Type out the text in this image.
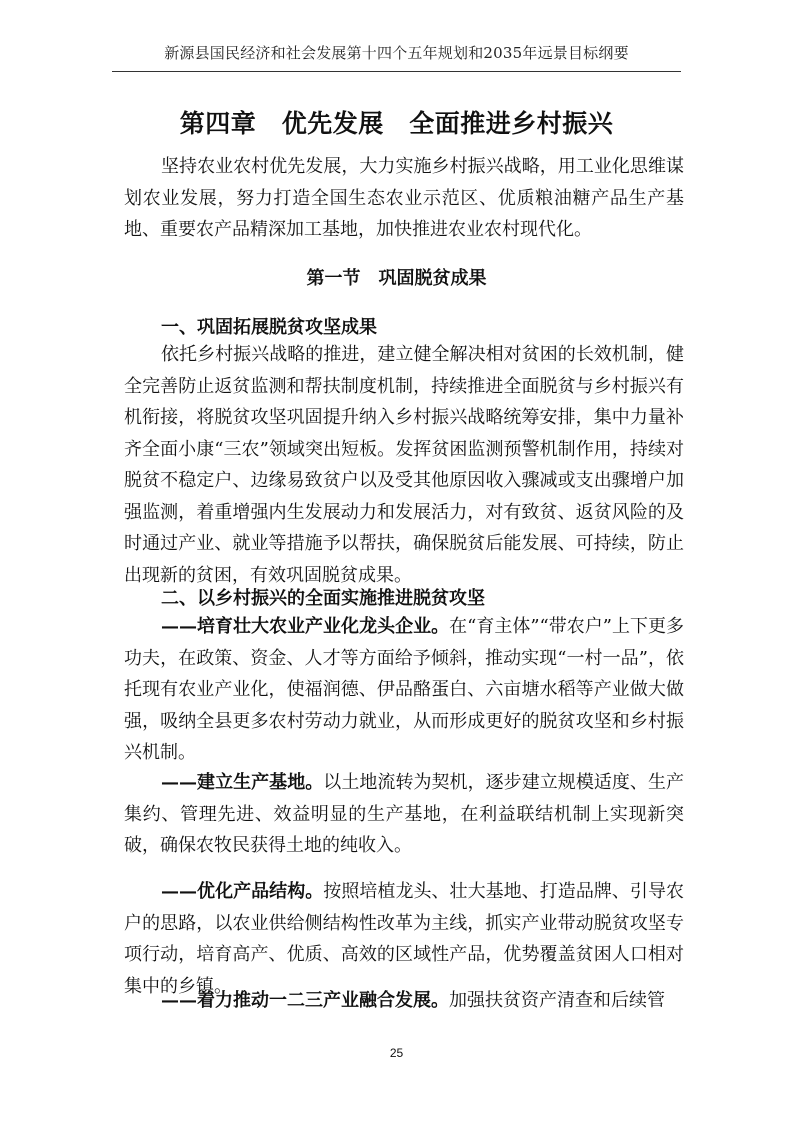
新源县国民经济和社会发展第十四个五年规划和2035年远景目标纲要
第四章　优先发展　全面推进乡村振兴

坚持农业农村优先发展，大力实施乡村振兴战略，用工业化思维谋划农业发展，努力打造全国生态农业示范区、优质粮油糖产品生产基地、重要农产品精深加工基地，加快推进农业农村现代化。

第一节　巩固脱贫成果
一、巩固拓展脱贫攻坚成果

依托乡村振兴战略的推进，建立健全解决相对贫困的长效机制，健全完善防止返贫监测和帮扶制度机制，持续推进全面脱贫与乡村振兴有机衔接，将脱贫攻坚巩固提升纳入乡村振兴战略统筹安排，集中力量补齐全面小康“三农”领域突出短板。发挥贫困监测预警机制作用，持续对脱贫不稳定户、边缘易致贫户以及受其他原因收入骤减或支出骤增户加强监测，着重增强内生发展动力和发展活力，对有致贫、返贫风险的及时通过产业、就业等措施予以帮扶，确保脱贫后能发展、可持续，防止出现新的贫困，有效巩固脱贫成果。

二、以乡村振兴的全面实施推进脱贫攻坚

——培育壮大农业产业化龙头企业。在“育主体”“带农户”上下更多功夫，在政策、资金、人才等方面给予倾斜，推动实现“一村一品”，依托现有农业产业化，使福润德、伊品酪蛋白、六亩塘水稻等产业做大做强，吸纳全县更多农村劳动力就业，从而形成更好的脱贫攻坚和乡村振兴机制。

——建立生产基地。以土地流转为契机，逐步建立规模适度、生产集约、管理先进、效益明显的生产基地，在利益联结机制上实现新突破，确保农牧民获得土地的纯收入。

——优化产品结构。按照培植龙头、壮大基地、打造品牌、引导农户的思路，以农业供给侧结构性改革为主线，抓实产业带动脱贫攻坚专项行动，培育高产、优质、高效的区域性产品，优势覆盖贫困人口相对集中的乡镇。

——着力推动一二三产业融合发展。加强扶贫资产清查和后续管

25
